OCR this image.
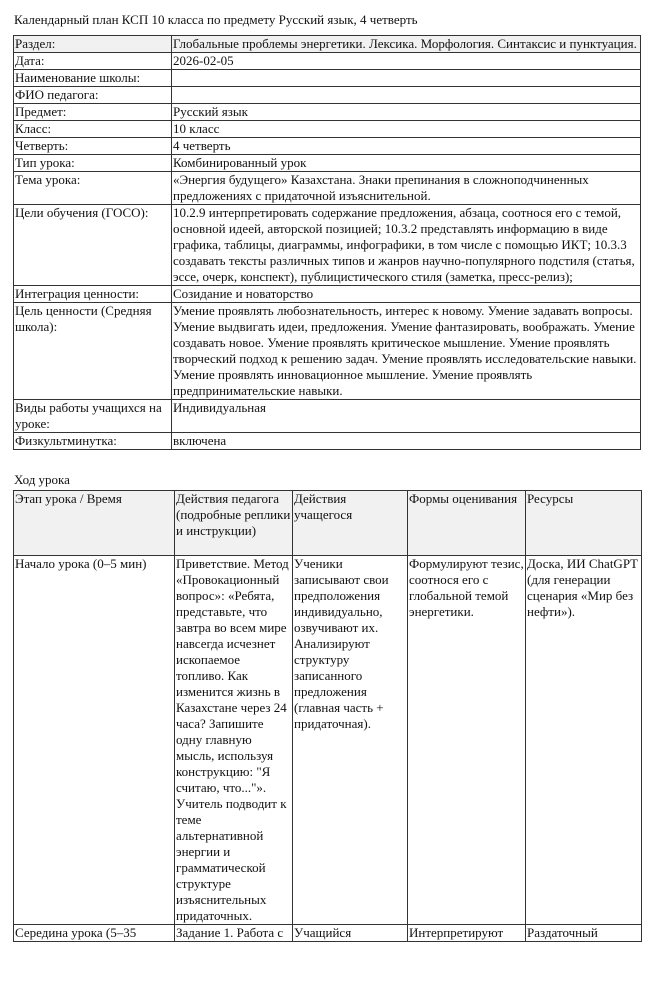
Календарный план КСП 10 класса по предмету Русский язык, 4 четверть
Раздел:	Глобальные проблемы энергетики. Лексика. Морфология. Синтаксис и пунктуация.
Дата:	2026-02-05
Наименование школы:	
ФИО педагога:	
Предмет:	Русский язык
Класс:	10 класс
Четверть:	4 четверть
Тип урока:	Комбинированный урок
Тема урока:	«Энергия будущего» Казахстана. Знаки препинания в сложноподчиненных предложениях с придаточной изъяснительной.
Цели обучения (ГОСО):	10.2.9 интерпретировать содержание предложения, абзаца, соотнося его с темой, основной идеей, авторской позицией; 10.3.2 представлять информацию в виде графика, таблицы, диаграммы, инфографики, в том числе с помощью ИКТ; 10.3.3 создавать тексты различных типов и жанров научно-популярного подстиля (статья, эссе, очерк, конспект), публицистического стиля (заметка, пресс-релиз);
Интеграция ценности:	Созидание и новаторство
Цель ценности (Средняя школа):	Умение проявлять любознательность, интерес к новому. Умение задавать вопросы. Умение выдвигать идеи, предложения. Умение фантазировать, воображать. Умение создавать новое. Умение проявлять критическое мышление. Умение проявлять творческий подход к решению задач. Умение проявлять исследовательские навыки. Умение проявлять инновационное мышление. Умение проявлять предпринимательские навыки.
Виды работы учащихся на уроке:	Индивидуальная
Физкультминутка:	включена
Ход урока
Этап урока / Время	Действия педагога (подробные реплики и инструкции)	Действия учащегося	Формы оценивания	Ресурсы
Начало урока (0–5 мин)	Приветствие. Метод «Провокационный вопрос»: «Ребята, представьте, что завтра во всем мире навсегда исчезнет ископаемое топливо. Как изменится жизнь в Казахстане через 24 часа? Запишите одну главную мысль, используя конструкцию: "Я считаю, что..."». Учитель подводит к теме альтернативной энергии и грамматической структуре изъяснительных придаточных.	Ученики записывают свои предположения индивидуально, озвучивают их. Анализируют структуру записанного предложения (главная часть + придаточная).	Формулируют тезис, соотнося его с глобальной темой энергетики.	Доска, ИИ ChatGPT (для генерации сценария «Мир без нефти»).
Середина урока (5–35	Задание 1. Работа с	Учащийся	Интерпретируют	Раздаточный
